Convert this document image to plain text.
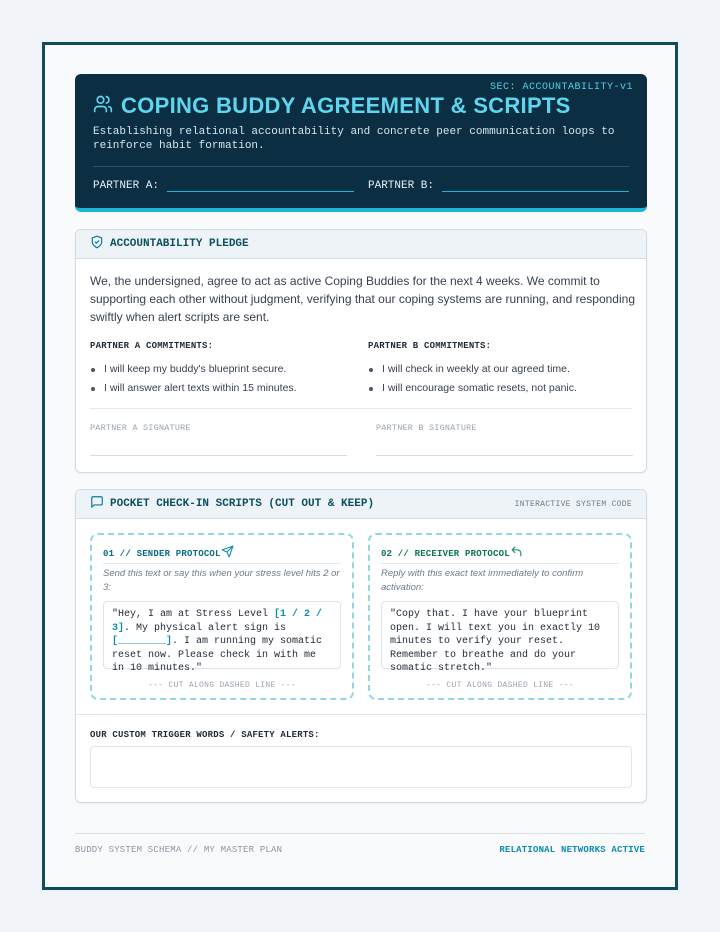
SEC: ACCOUNTABILITY-v1
COPING BUDDY AGREEMENT & SCRIPTS
Establishing relational accountability and concrete peer communication loops to reinforce habit formation.
PARTNER A:	PARTNER B:
ACCOUNTABILITY PLEDGE

We, the undersigned, agree to act as active Coping Buddies for the next 4 weeks. We commit to supporting each other without judgment, verifying that our coping systems are running, and responding swiftly when alert scripts are sent.

PARTNER A COMMITMENTS:
I will keep my buddy's blueprint secure.
I will answer alert texts within 15 minutes.
PARTNER B COMMITMENTS:
I will check in weekly at our agreed time.
I will encourage somatic resets, not panic.
PARTNER A SIGNATURE	PARTNER B SIGNATURE
POCKET CHECK-IN SCRIPTS (CUT OUT & KEEP)	INTERACTIVE SYSTEM CODE
01 // SENDER PROTOCOL
Send this text or say this when your stress level hits 2 or 3:
"Hey, I am at Stress Level [1 / 2 / 3]. My physical alert sign is [________]. I am running my somatic reset now. Please check in with me in 10 minutes."
--- CUT ALONG DASHED LINE ---
02 // RECEIVER PROTOCOL
Reply with this exact text immediately to confirm activation:
"Copy that. I have your blueprint open. I will text you in exactly 10 minutes to verify your reset. Remember to breathe and do your somatic stretch."
--- CUT ALONG DASHED LINE ---
OUR CUSTOM TRIGGER WORDS / SAFETY ALERTS:
BUDDY SYSTEM SCHEMA // MY MASTER PLAN	RELATIONAL NETWORKS ACTIVE
